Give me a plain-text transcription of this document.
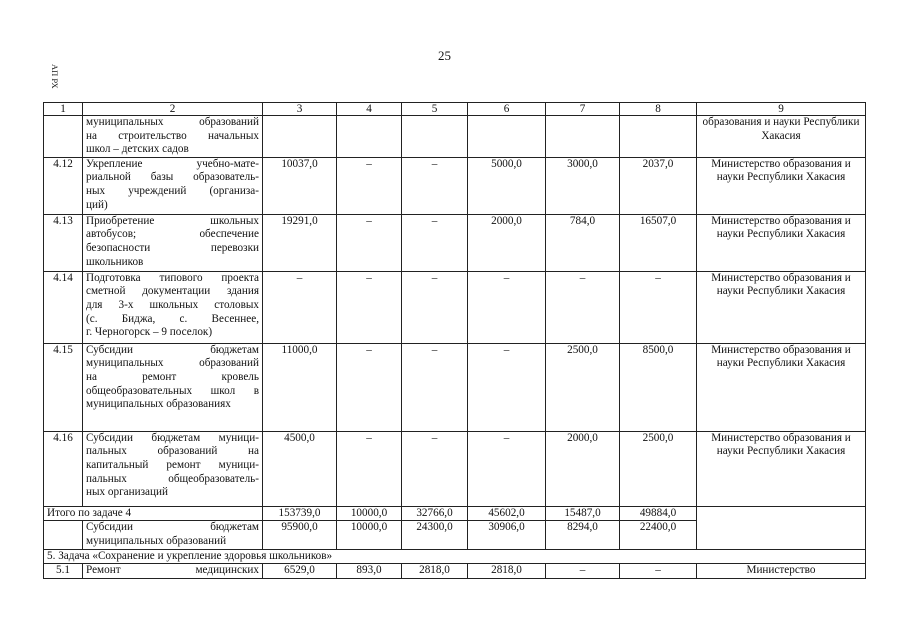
АП РХ
25
1	2	3	4	5	6	7	8	9

	муниципальных образований
на строительство начальных
школ – детских садов							образования и науки Республики Хакасия
4.12	Укрепление учебно-мате-
риальной базы образователь-
ных учреждений (организа-
ций)	10037,0	–	–	5000,0	3000,0	2037,0	Министерство образования и науки Республики Хакасия
4.13	Приобретение школьных
автобусов; обеспечение
безопасности перевозки
школьников	19291,0	–	–	2000,0	784,0	16507,0	Министерство образования и науки Республики Хакасия
4.14	Подготовка типового проекта
сметной документации здания
для 3-х школьных столовых
(с. Биджа, с. Весеннее,
г. Черногорск – 9 поселок)	–	–	–	–	–	–	Министерство образования и науки Республики Хакасия
4.15	Субсидии бюджетам
муниципальных образований
на ремонт кровель
общеобразовательных школ в
муниципальных образованиях	11000,0	–	–	–	2500,0	8500,0	Министерство образования и науки Республики Хакасия
4.16	Субсидии бюджетам муници-
пальных образований на
капитальный ремонт муници-
пальных общеобразователь-
ных организаций	4500,0	–	–	–	2000,0	2500,0	Министерство образования и науки Республики Хакасия
Итого по задаче 4		153739,0	10000,0	32766,0	45602,0	15487,0	49884,0	

	Субсидии бюджетам
муниципальных образований	95900,0	10000,0	24300,0	30906,0	8294,0	22400,0	
5. Задача «Сохранение и укрепление здоровья школьников»								
5.1	Ремонт медицинских	6529,0	893,0	2818,0	2818,0	–	–	Министерство
